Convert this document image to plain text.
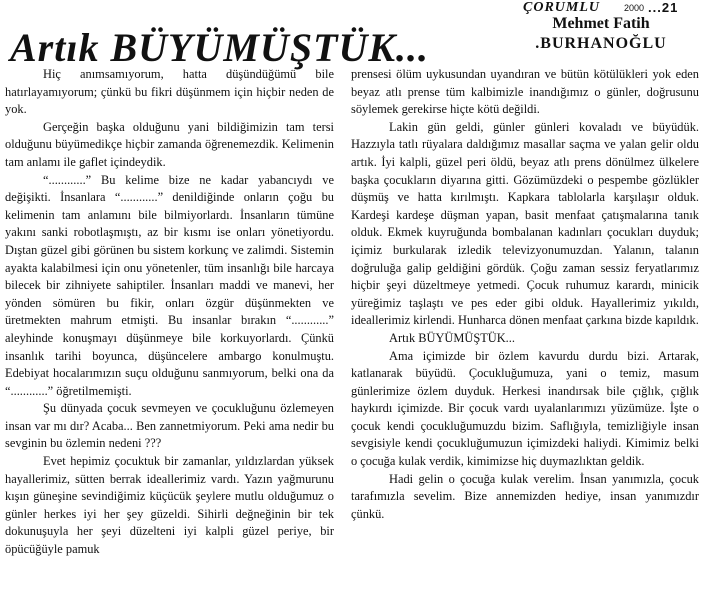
ÇORUMLU	2000 ...21
Artık BÜYÜMÜŞTÜK...
Mehmet Fatih
.BURHANOĞLU

Hiç anımsamıyorum, hatta düşündüğümü bile hatırlayamıyorum; çünkü bu fikri düşünmem için hiçbir neden de yok.

Gerçeğin başka olduğunu yani bildiğimizin tam tersi olduğunu büyümedikçe hiçbir zamanda öğrenemezdik. Kelimenin tam anlamı ile gaflet içindeydik.

“............” Bu kelime bize ne kadar yabancıydı ve değişikti. İnsanlara “............” denildiğinde onların çoğu bu kelimenin tam anlamını bile bilmiyorlardı. İnsanların tümüne yakını sanki robotlaşmıştı, az bir kısmı ise onları yönetiyordu. Dıştan güzel gibi görünen bu sistem korkunç ve zalimdi. Sistemin ayakta kalabilmesi için onu yönetenler, tüm insanlığı bile harcaya bilecek bir zihniyete sahiptiler. İnsanları maddi ve manevi, her yönden sömüren bu fikir, onları özgür düşünmekten ve üretmekten mahrum etmişti. Bu insanlar bırakın “............” aleyhinde konuşmayı düşünmeye bile korkuyorlardı. Çünkü insanlık tarihi boyunca, düşüncelere ambargo konulmuştu. Edebiyat hocalarımızın suçu olduğunu sanmıyorum, belki ona da “............” öğretilmemişti.

Şu dünyada çocuk sevmeyen ve çocukluğunu özlemeyen insan var mı dır? Acaba... Ben zannetmiyorum. Peki ama nedir bu sevginin bu özlemin nedeni ???

Evet hepimiz çocuktuk bir zamanlar, yıldızlardan yüksek hayallerimiz, sütten berrak ideallerimiz vardı. Yazın yağmurunu kışın güneşine sevindiğimiz küçücük şeylere mutlu olduğumuz o günler herkes iyi her şey güzeldi. Sihirli değneğinin bir tek dokunuşuyla her şeyi düzelteni iyi kalpli güzel periye, bir öpücüğüyle pamuk

prensesi ölüm uykusundan uyandıran ve bütün kötülükleri yok eden beyaz atlı prense tüm kalbimizle inandığımız o günler, doğrusunu söylemek gerekirse hiçte kötü değildi.

Lakin gün geldi, günler günleri kovaladı ve büyüdük. Hazzıyla tatlı rüyalara daldığımız masallar saçma ve yalan gelir oldu artık. İyi kalpli, güzel peri öldü, beyaz atlı prens dönülmez ülkelere başka çocukların diyarına gitti. Gözümüzdeki o pespembe gözlükler düşmüş ve hatta kırılmıştı. Kapkara tablolarla karşılaşır olduk. Kardeşi kardeşe düşman yapan, basit menfaat çatışmalarına tanık olduk. Ekmek kuyruğunda bombalanan kadınları çocukları duyduk; içimiz burkularak izledik televizyonumuzdan. Yalanın, talanın doğruluğa galip geldiğini gördük. Çoğu zaman sessiz feryatlarımız hiçbir şeyi düzeltmeye yetmedi. Çocuk ruhumuz karardı, minicik yüreğimiz taşlaştı ve pes eder gibi olduk. Hayallerimiz yıkıldı, ideallerimiz kirlendi. Hunharca dönen menfaat çarkına bizde kapıldık.

Artık BÜYÜMÜŞTÜK...

Ama içimizde bir özlem kavurdu durdu bizi. Artarak, katlanarak büyüdü. Çocukluğumuza, yani o temiz, masum günlerimize özlem duyduk. Herkesi inandırsak bile çığlık, çığlık haykırdı içimizde. Bir çocuk vardı uyalanlarımızı yüzümüze. İşte o çocuk kendi çocukluğumuzdu bizim. Saflığıyla, temizliğiyle insan sevgisiyle kendi çocukluğumuzun içimizdeki haliydi. Kimimiz belki o çocuğa kulak verdik, kimimizse hiç duymazlıktan geldik.

Hadi gelin o çocuğa kulak verelim. İnsan yanımızla, çocuk tarafımızla sevelim. Bize annemizden hediye, insan yanımızdır çünkü.
